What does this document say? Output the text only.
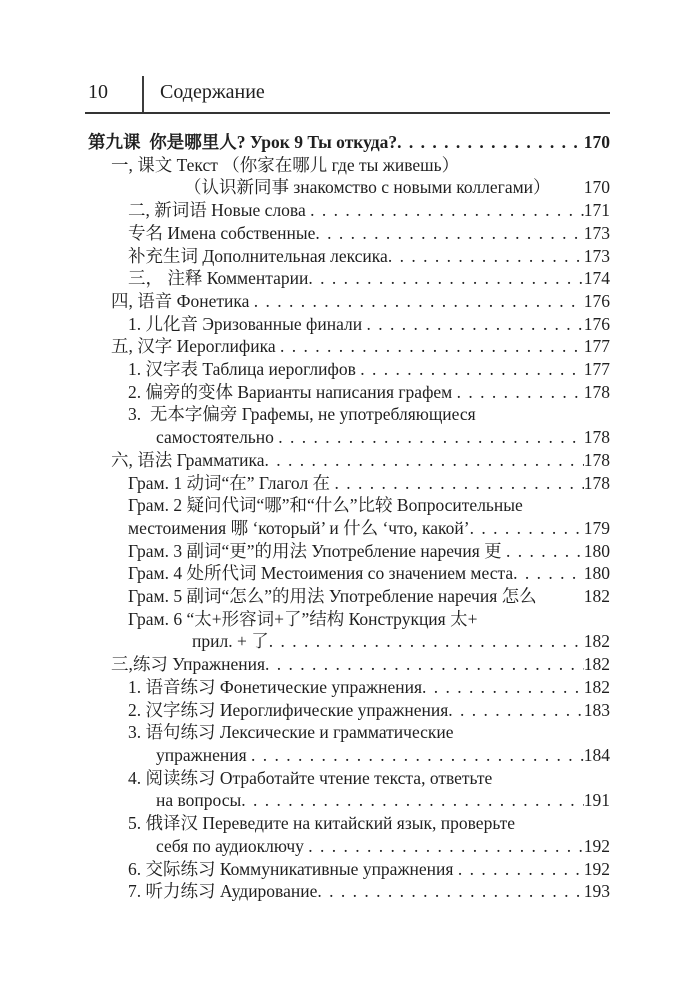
10	Содержание
第九课  你是哪里人? Урок 9 Ты откуда? . . .	170
一, 课文 Текст （你家在哪儿 где ты живешь）
（认识新同事 знакомство с новыми коллегами） 170
二, 新词语 Новые слова . . .	171
专名 Имена собственные . . .	173
补充生词 Дополнительная лексика . . .	173
三， 注释 Комментарии . . .	174
四, 语音 Фонетика . . .	176
1. 儿化音 Эризованные финали . . .	176
五, 汉字 Иероглифика . . .	177
1. 汉字表 Таблица иероглифов . . .	177
2. 偏旁的变体 Варианты написания графем . . .	178
3.  无本字偏旁 Графемы, не употребляющиеся
самостоятельно . . .	178
六, 语法 Грамматика . . .	178
Грам. 1 动词“在” Глагол 在 . . .	178
Грам. 2 疑问代词“哪”和“什么”比较 Вопросительные
местоимения 哪 ‘который’ и 什么 ‘что, какой’ . . .	179
Грам. 3 副词“更”的用法 Употребление наречия 更 . . .	180
Грам. 4 处所代词 Местоимения со значением места . . .	180
Грам. 5 副词“怎么”的用法 Употребление наречия 怎么	182
Грам. 6 “太+形容词+了”结构 Конструкция 太+
прил. + 了 . . .	182
三,练习 Упражнения . . .	182
1. 语音练习 Фонетические упражнения . . .	182
2. 汉字练习 Иероглифические упражнения . . .	183
3. 语句练习 Лексические и грамматические
упражнения . . .	184
4. 阅读练习 Отработайте чтение текста, ответьте
на вопросы . . .	191
5. 俄译汉 Переведите на китайский язык, проверьте
себя по аудиоключу . . .	192
6. 交际练习 Коммуникативные упражнения . . .	192
7. 听力练习 Аудирование . . .	193
